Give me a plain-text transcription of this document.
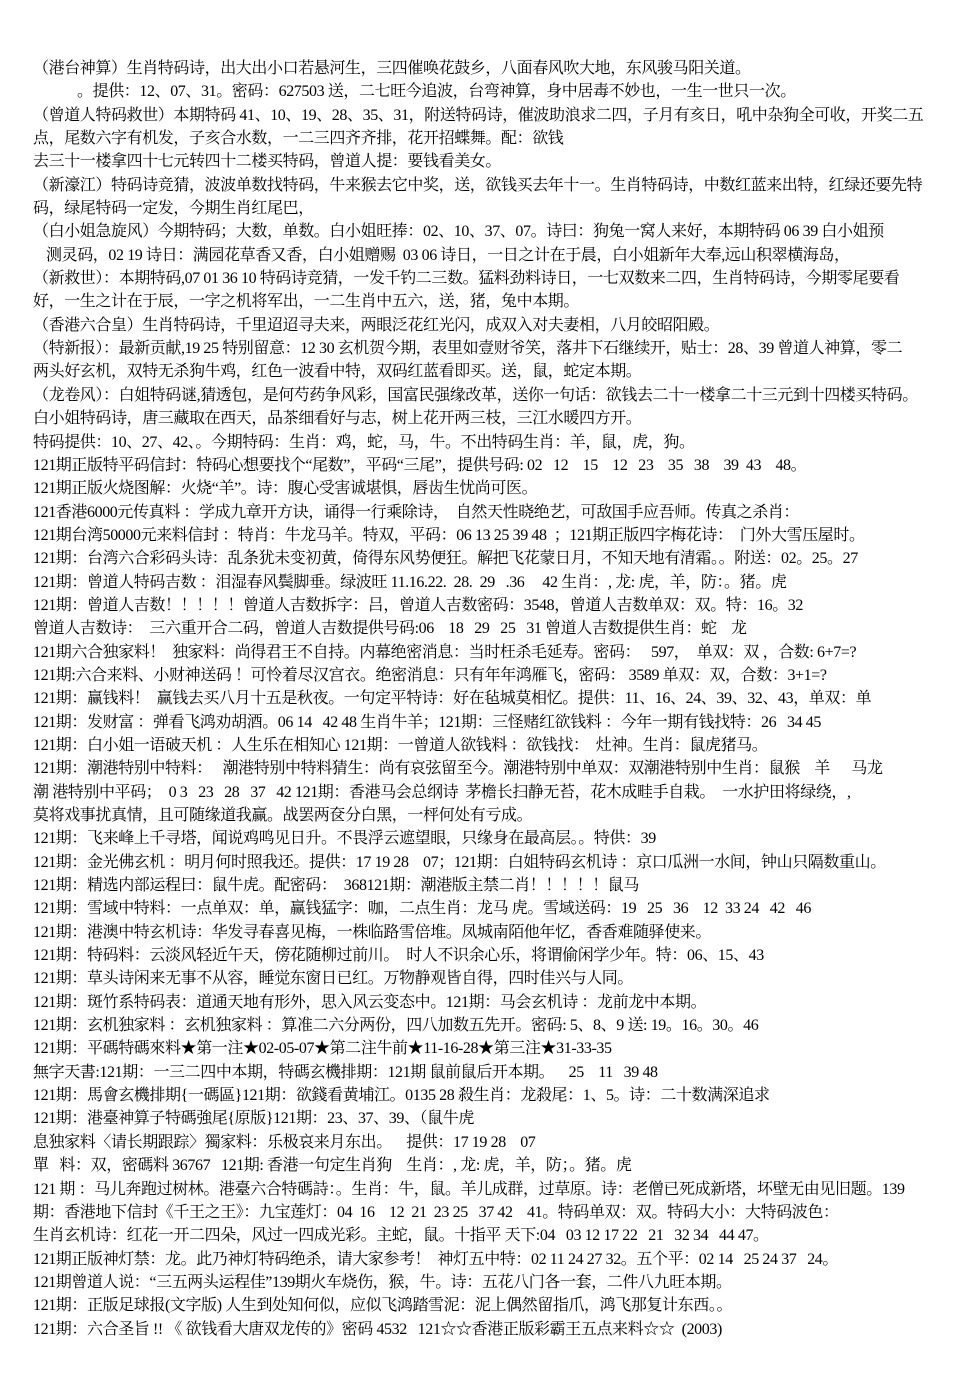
（港台神算）生肖特码诗，出大出小口若悬河生，三四催唤花鼓乡，八面春风吹大地，东风骏马阳关道。
。提供：12、07、31。密码：627503 送，二七旺今追波，台弯神算，身中居毒不妙也，一生一世只一次。
（曾道人特码救世）本期特码 41、10、19、28、35、31，附送特码诗，催波助浪求二四，子月有亥日，吼中杂狗全可收，开奖二五
点，尾数六字有机发，子亥合水数，一二三四齐齐排，花开招蝶舞。配：欲钱
去三十一楼拿四十七元转四十二楼买特码，曾道人提：要钱看美女。
（新濠江）特码诗竞猜，波波单数找特码，牛来猴去它中奖，送，欲钱买去年十一。生肖特码诗，中数红蓝来出特，红绿还要先特
码，绿尾特码一定发，今期生肖红尾巴，
（白小姐急旋风）今期特码；大数，单数。白小姐旺捧：02、10、37、07。诗曰：狗兔一窝人来好，本期特码 06 39 白小姐预
测灵码，02 19 诗日：满园花草香又香，白小姐赠赐  03 06 诗日，一日之计在于晨，白小姐新年大奉,远山积翠横海岛，
（新救世）：本期特码,07 01 36 10 特码诗竞猜，一发千钓二三数。猛料劲料诗日，一七双数来二四，生肖特码诗，今期零尾要看
好，一生之计在于辰，一字之机将军出，一二生肖中五六，送，猪，兔中本期。
（香港六合皇）生肖特码诗，千里迢迢寻夫来，两眼泛花红光闪，成双入对夫妻相，八月皎昭阳殿。
（特新报）：最新贡献,19 25 特别留意：12 30 玄机贺今期，表里如壹财爷笑，落井下石继续开，贴士：28、39 曾道人神算，零二
两头好玄机，双特无杀狗牛鸡，红色一波看中特，双码红蓝看即买。送，鼠，蛇定本期。
（龙卷风）：白姐特码谜,猜透包，是何芍药争风彩，国富民强缘改革，送你一句话：欲钱去二十一楼拿二十三元到十四楼买特码。
白小姐特码诗，唐三藏取在西天，品茶细看好与志，树上花开两三枝，三江水暖四方开。
特码提供：10、27、42、。今期特码：生肖：鸡，蛇，马，牛。不出特码生肖：羊，鼠，虎，狗。
121期正版特平码信封：特码心想要找个“尾数”，平码“三尾”，提供号码: 02   12    15    12   23    35   38    39  43    48。
121期正版火烧图解：火烧“羊”。诗：腹心受害诚堪惧，唇齿生忧尚可医。
121香港6000元传真料 ：学成九章开方诀，诵得一行乘除诗，  自然天性晓绝艺，可敌国手应吾师。传真之杀肖：
121期台湾50000元来料信封 ：特肖：牛龙马羊。特双，平码：06 13 25 39 48  ；121期正版四字梅花诗：  门外大雪压屋时。
121期：台湾六合彩码头诗：乱条犹未变初黄，倚得东风势便狂。解把飞花蒙日月，不知天地有清霜。。附送：02。25。27
121期：曾道人特码吉数 ：泪湿春风鬓脚垂。绿波旺 11.16.22.  28.  29   .36     42 生肖：, 龙: 虎，羊，防：。猪。虎
121期：曾道人吉数！！！！！曾道人吉数拆字：吕，曾道人吉数密码：3548，曾道人吉数单双：双。特：16。32
曾道人吉数诗：  三六重开合二码，曾道人吉数提供号码:06    18   29   25   31 曾道人吉数提供生肖：蛇    龙
121期六合独家料！  独家料：尚得君王不自持。内幕绝密消息：当时枉杀毛延寿。密码：   597，  单双：双 ，合数: 6+7=?
121期:六合来料、小财神送码 ！可怜着尽汉宫衣。绝密消息：只有年年鸿雁飞，密码： 3589 单双：双，合数：3+1=?
121期：赢钱料！  赢钱去买八月十五是秋夜。一句定平特诗：好在毡城莫相忆。提供：11、16、24、39、32、43，单双：单
121期：发财富 ：弹看飞鸿劝胡酒。06 14   42 48 生肖牛羊；121期：三怪赌红欲钱料 ：今年一期有钱找特：26   34 45
121期：白小姐一语破天机 ：人生乐在相知心 121期：一曾道人欲钱料 ：欲钱找：  灶神。生肖：鼠虎猪马。
121期：潮港特别中特料：   潮港特别中特料猜生：尚有哀弦留至今。潮港特别中单双：双潮港特别中生肖：鼠猴    羊      马龙
潮 港特别中平码；  0 3   23   28   37   42 121期：香港马会总纲诗  茅檐长扫静无苔，花木成畦手自栽。  一水护田将绿绕，,
莫将戏事扰真情，且可随缘道我赢。战罢两奁分白黑，一枰何处有亏成。
121期：飞来峰上千寻塔，闻说鸡鸣见日升。不畏浮云遮望眼，只缘身在最高层。。特供：39
121期：金光佛玄机 ：明月何时照我还。提供：17 19 28    07；121期：白姐特码玄机诗 ：京口瓜洲一水间，钟山只隔数重山。
121期：精选内部运程曰：鼠牛虎。配密码：  368121期：潮港版主禁二肖！！！！！鼠马
121期：雪域中特料：一点单双：单，赢钱猛字：咖，二点生肖：龙马 虎。雪域送码：19   25   36    12  33 24   42   46
121期：港澳中特玄机诗：华发寻春喜见梅，一株临路雪倍堆。凤城南陌他年忆，香香难随驿使来。
121期：特码料：云淡风轻近午天，傍花随柳过前川。  时人不识余心乐，将谓偷闲学少年。特：06、15、43
121期：草头诗闲来无事不从容，睡觉东窗日已红。万物静观皆自得，四时佳兴与人同。
121期：斑竹系特码表：道通天地有形外，思入风云变态中。121期：马会玄机诗 ：龙前龙中本期。
121期：玄机独家料 ：玄机独家料 ：算准二六分两份，四八加数五先开。密码: 5、8、9 送: 19。16。30。46
121期：平碼特碼來料★第一注★02-05-07★第二注牛前★11-16-28★第三注★31-33-35
無字天書:121期：一三二四中本期，特碼玄機排期：121期 鼠前鼠后开本期。    25    11   39 48
121期：馬會玄機排期{一碼區}121期：欲錢看黄埔江。0135 28 殺生肖：龙殺尾：1、5。诗：二十数满深追求
121期：港臺神算子特碼強尾{原版}121期：23、37、39、（鼠牛虎
息独家料〈请长期跟踪〉獨家料：乐极哀来月东出。    提供：17 19 28    07
單   料：双，密碼料 36767   121期: 香港一句定生肖狗    生肖：, 龙: 虎，羊，防；。猪。虎
121 期 ：马儿奔跑过树林。港臺六合特碼詩：。生肖：牛，鼠。羊儿成群，过草原。诗：老僧已死成新塔，坏壁无由见旧题。139
期：香港地下信封《千王之王》：九宝莲灯：04  16    12  21  23 25   37 42    41。特码单双：双。特码大小：大特码波色：
生肖玄机诗：红花一开二四朵，风过一四成光彩。主蛇，鼠。十指平 天下:04   03 12 17 22   21   32 34   44 47。
121期正版神灯禁：龙。此乃神灯特码绝杀，请大家参考！  神灯五中特：02 11 24 27 32。五个平：02 14   25 24 37   24。
121期曾道人说：“三五两头运程佳”139期火车烧伤，猴，牛。诗：五花八门各一套，二件八九旺本期。
121期：正版足球报(文字版) 人生到处知何似，应似飞鸿踏雪泥：泥上偶然留指爪，鸿飞那复计东西。。
121期：六合圣旨 !! 《 欲钱看大唐双龙传的》密码 4532   121☆☆香港正版彩霸王五点来料☆☆  (2003)
